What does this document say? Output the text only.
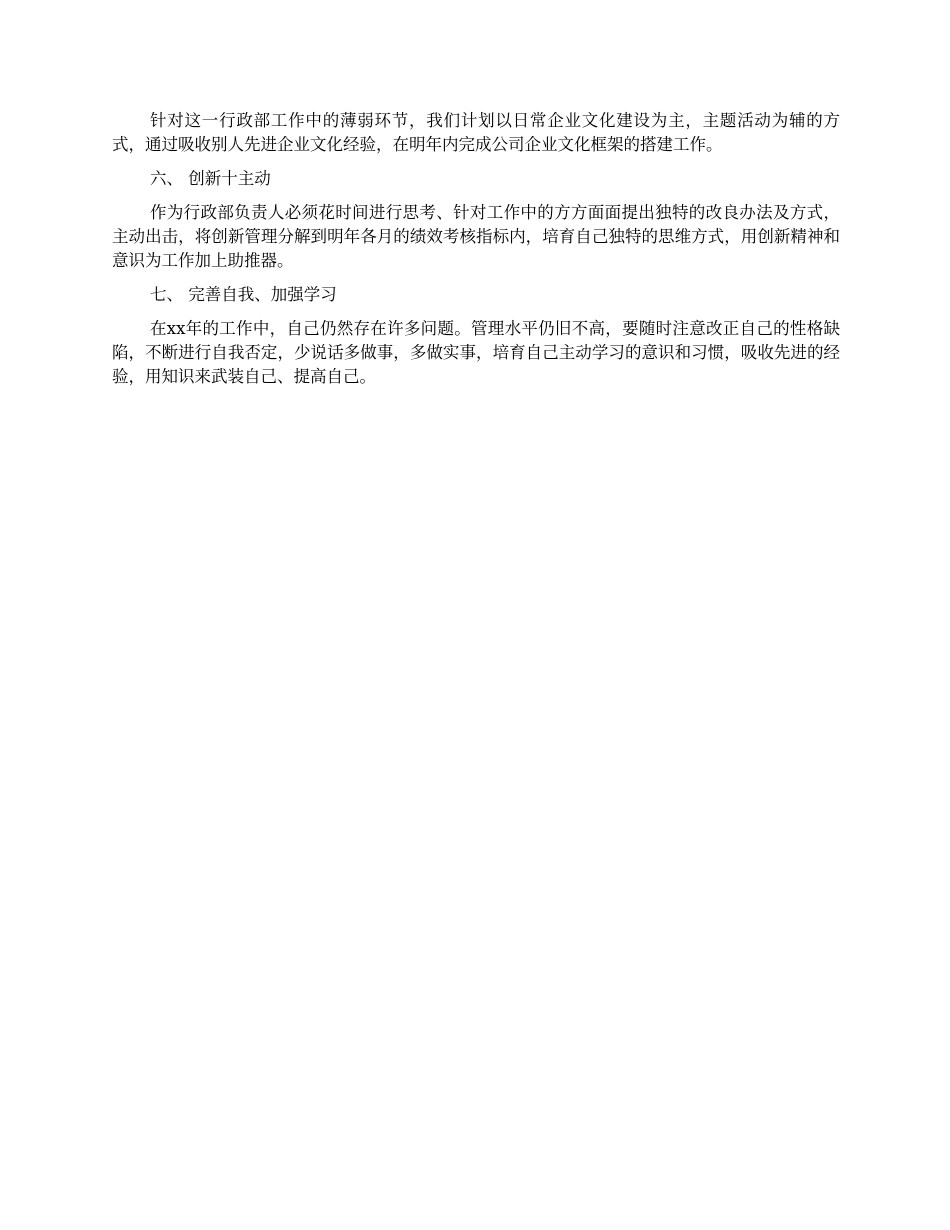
针对这一行政部工作中的薄弱环节，我们计划以日常企业文化建设为主，主题活动为辅的方式，通过吸收别人先进企业文化经验，在明年内完成公司企业文化框架的搭建工作。

六、 创新十主动

作为行政部负责人必须花时间进行思考、针对工作中的方方面面提出独特的改良办法及方式，主动出击，将创新管理分解到明年各月的绩效考核指标内，培育自己独特的思维方式，用创新精神和意识为工作加上助推器。

七、 完善自我、加强学习

在xx年的工作中，自己仍然存在许多问题。管理水平仍旧不高，要随时注意改正自己的性格缺陷，不断进行自我否定，少说话多做事，多做实事，培育自己主动学习的意识和习惯，吸收先进的经验，用知识来武装自己、提高自己。
